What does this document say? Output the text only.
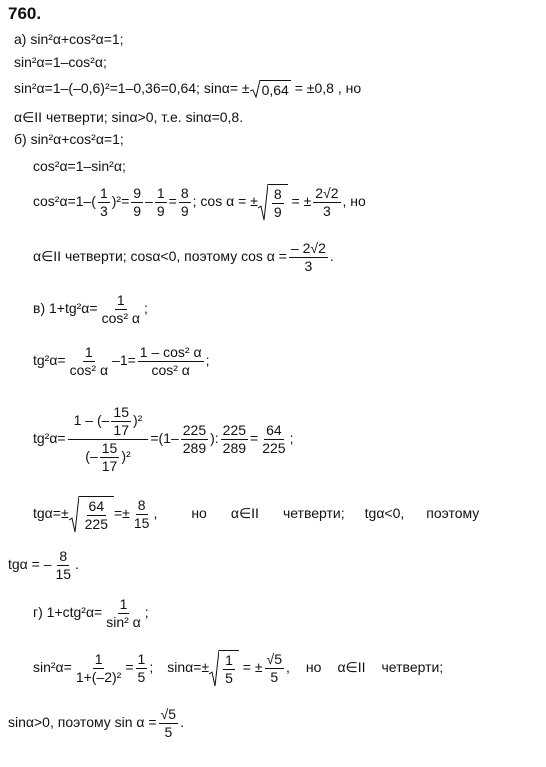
760.
а) sin²α+cos²α=1;
sin²α=1–cos²α;
sin²α=1–(–0,6)²=1–0,36=0,64; sinα= ± 0,64 = ±0,8 , но
α∈II четверти; sinα>0, т.е. sinα=0,8.
б) sin²α+cos²α=1;
cos²α=1–sin²α;
$\cos^2\alpha=1-( \frac{1}{3} )^2= \frac{9}{9} - \frac{1}{9} = \frac{8}{9}$ ; cos α = ± 8
9
= ± $\frac{2√2}{3}$ , но
α∈II четверти; cosα<0, поэтому $\cos \alpha = \frac{- 2√2}{3}$ .
в) $1+tg^2\alpha= \frac{1}{\text{cos² α}}$ ;
$tg^2\alpha= \frac{1}{\text{cos² α}} -1= \frac{\text{1 – cos² α}}{\text{cos² α}}$ ;
$tg^2\alpha= \frac{1 - (- \frac{15}{17} )^2}{(- \frac{15}{17} )^2} =(1- \frac{225}{289}$ ): $\frac{225}{289} = \frac{64}{225}$ ;
tgα=± 64
225
=± $\frac{8}{15}$ , но α∈II четверти; tgα<0, поэтому
tgα = – $\frac{8}{15}$ .
г) $1+ctg^2\alpha= \frac{1}{\text{sin² α}}$ ;
$\sin^2\alpha= \frac{1}{\text{1+(–2)²}} = \frac{1}{5}$ ; sinα=± 1
5
= ± $\frac{√5}{5}$ , но α∈II четверти;
sinα>0, поэтому $\sin \alpha = \frac{√5}{5}$ .
